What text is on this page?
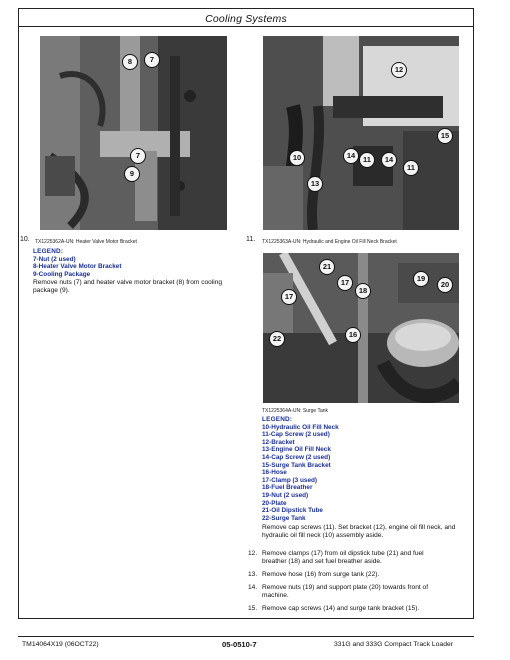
Cooling Systems
8	7
7
9
12
15
10	14	11	14
11
13
10. TX1225362A-UN: Heater Valve Motor Bracket
LEGEND:
7-Nut (2 used)
8-Heater Valve Motor Bracket
9-Cooling Package
Remove nuts (7) and heater valve motor bracket (8) from cooling package (9).
11. TX1225363A-UN: Hydraulic and Engine Oil Fill Neck Bracket
21
17
18
19
20
17
22	16
TX1225364A-UN: Surge Tank
LEGEND:
10-Hydraulic Oil Fill Neck
11-Cap Screw (2 used)
12-Bracket
13-Engine Oil Fill Neck
14-Cap Screw (2 used)
15-Surge Tank Bracket
16-Hose
17-Clamp (3 used)
18-Fuel Breather
19-Nut (2 used)
20-Plate
21-Oil Dipstick Tube
22-Surge Tank
Remove cap screws (11). Set bracket (12), engine oil fill neck, and hydraulic oil fill neck (10) assembly aside.
12. Remove clamps (17) from oil dipstick tube (21) and fuel breather (18) and set fuel breather aside.
13. Remove hose (16) from surge tank (22).
14. Remove nuts (19) and support plate (20) towards front of machine.
15. Remove cap screws (14) and surge tank bracket (15).
TM14064X19 (06OCT22)	05-0510-7	331G and 333G Compact Track Loader
